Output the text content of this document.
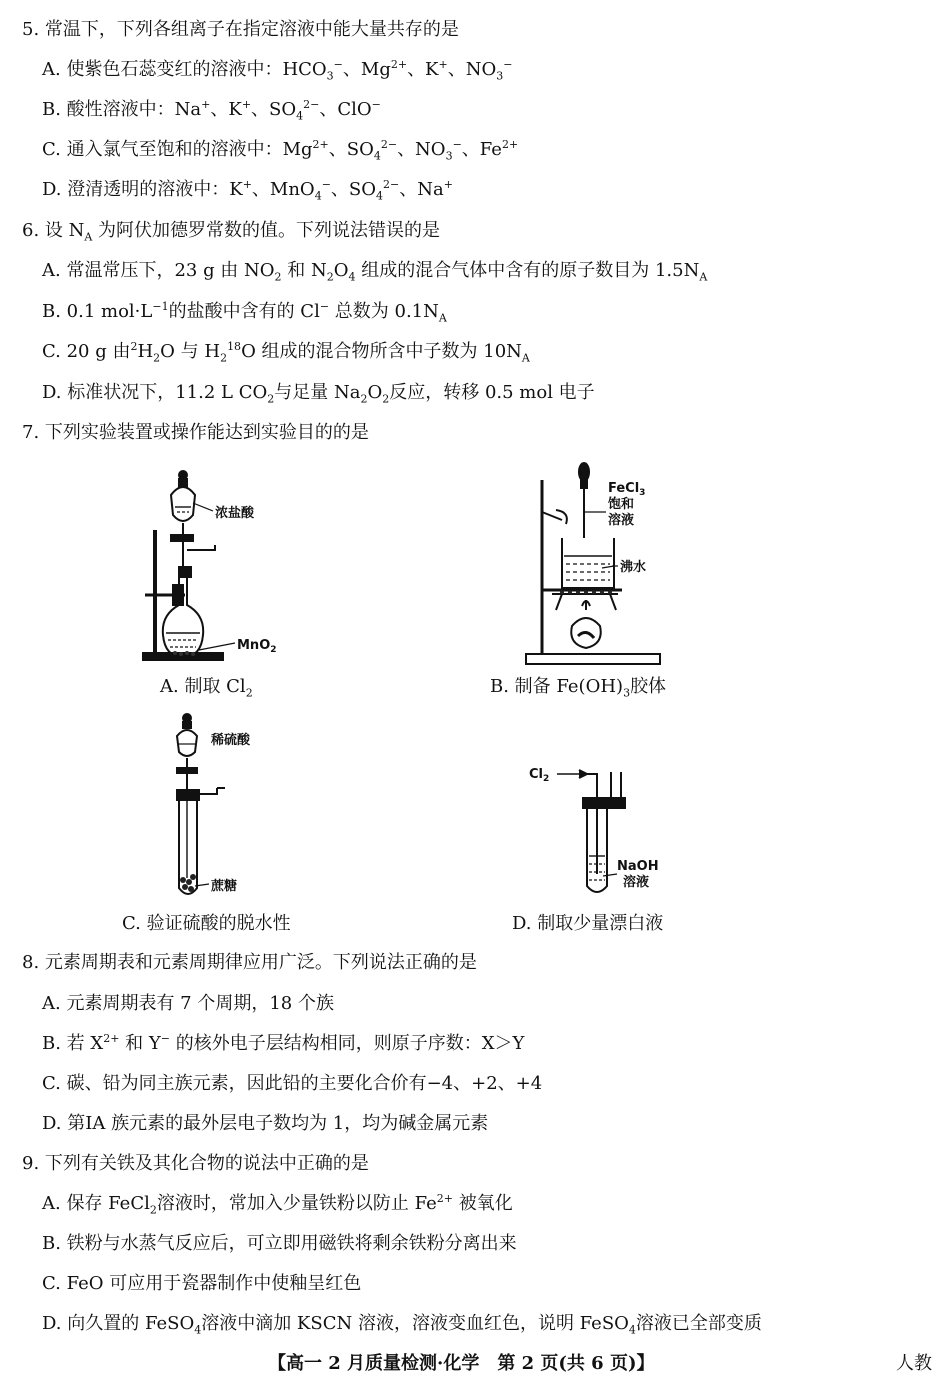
5. 常温下，下列各组离子在指定溶液中能大量共存的是
A. 使紫色石蕊变红的溶液中：$HCO_3^-$、$Mg^{2+}$、K+、$NO_3^-$
B. 酸性溶液中：Na+、K+、$SO_4^{2-}$、ClO−
C. 通入氯气至饱和的溶液中：$Mg^{2+}$、$SO_4^{2-}$、$NO_3^-$、$Fe^{2+}$
D. 澄清透明的溶液中：K+、MnO$_4$−、$SO_4^{2-}$、Na+
6. 设 $N_A$ 为阿伏加德罗常数的值。下列说法错误的是
A. 常温常压下，23 g 由 $NO_2$ 和 $N_2O_4$ 组成的混合气体中含有的原子数目为 $1.5N_A$
B. 0.1 $mol\cdot L^{-1}$的盐酸中含有的 Cl− 总数为 $0.1N_A$
C. 20 g 由$^2H_2O$ 与 $H_2^{18}O$ 组成的混合物所含中子数为 $10N_A$
D. 标准状况下，11.2 L $CO_2$与足量 $Na_2O_2$反应，转移 0.5 mol 电子
7. 下列实验装置或操作能达到实验目的的是
浓盐酸
MnO$_2$
A. 制取 $Cl_2$
FeCl$_3$
饱和
溶液
沸水
B. 制备 $Fe(OH)_3$胶体
稀硫酸
蔗糖
C. 验证硫酸的脱水性
$Cl_2$
NaOH
溶液
D. 制取少量漂白液
8. 元素周期表和元素周期律应用广泛。下列说法正确的是
A. 元素周期表有 7 个周期，18 个族
B. 若 $X^{2+}$ 和 Y− 的核外电子层结构相同，则原子序数：X＞Y
C. 碳、铅为同主族元素，因此铅的主要化合价有−4、+2、+4
D. 第ⅠA 族元素的最外层电子数均为 1，均为碱金属元素
9. 下列有关铁及其化合物的说法中正确的是
A. 保存 FeCl$_2$溶液时，常加入少量铁粉以防止 $Fe^{2+}$ 被氧化
B. 铁粉与水蒸气反应后，可立即用磁铁将剩余铁粉分离出来
C. FeO 可应用于瓷器制作中使釉呈红色
D. 向久置的 FeSO$_4$溶液中滴加 KSCN 溶液，溶液变血红色，说明 FeSO$_4$溶液已全部变质
【高一 2 月质量检测·化学　第 2 页(共 6 页)】	人教
